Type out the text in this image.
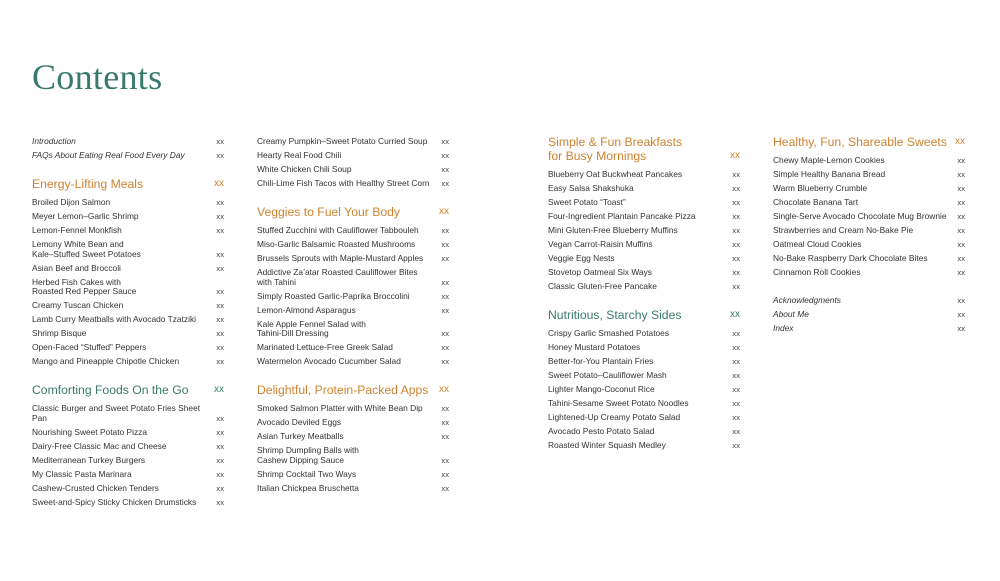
Contents
Introduction	xx
FAQs About Eating Real Food Every Day	xx
Energy-Lifting Meals	xx
Broiled Dijon Salmon	xx
Meyer Lemon–Garlic Shrimp	xx
Lemon-Fennel Monkfish	xx
Lemony White Bean and
Kale–Stuffed Sweet Potatoes	xx
Asian Beef and Broccoli	xx
Herbed Fish Cakes with
Roasted Red Pepper Sauce	xx
Creamy Tuscan Chicken	xx
Lamb Curry Meatballs with Avocado Tzatziki	xx
Shrimp Bisque	xx
Open-Faced “Stuffed” Peppers	xx
Mango and Pineapple Chipotle Chicken	xx
Comforting Foods On the Go	xx
Classic Burger and Sweet Potato Fries Sheet Pan	xx
Nourishing Sweet Potato Pizza	xx
Dairy-Free Classic Mac and Cheese	xx
Mediterranean Turkey Burgers	xx
My Classic Pasta Marinara	xx
Cashew-Crusted Chicken Tenders	xx
Sweet-and-Spicy Sticky Chicken Drumsticks	xx
Creamy Pumpkin–Sweet Potato Curried Soup	xx
Hearty Real Food Chili	xx
White Chicken Chili Soup	xx
Chili-Lime Fish Tacos with Healthy Street Corn	xx
Veggies to Fuel Your Body	xx
Stuffed Zucchini with Cauliflower Tabbouleh	xx
Miso-Garlic Balsamic Roasted Mushrooms	xx
Brussels Sprouts with Maple-Mustard Apples	xx
Addictive Za’atar Roasted Cauliflower Bites
with Tahini	xx
Simply Roasted Garlic-Paprika Broccolini	xx
Lemon-Almond Asparagus	xx
Kale Apple Fennel Salad with
Tahini-Dill Dressing	xx
Marinated Lettuce-Free Greek Salad	xx
Watermelon Avocado Cucumber Salad	xx
Delightful, Protein-Packed Apps xx
Smoked Salmon Platter with White Bean Dip	xx
Avocado Deviled Eggs	xx
Asian Turkey Meatballs	xx
Shrimp Dumpling Balls with
Cashew Dipping Sauce	xx
Shrimp Cocktail Two Ways	xx
Italian Chickpea Bruschetta	xx
Simple & Fun Breakfasts
for Busy Mornings	xx
Blueberry Oat Buckwheat Pancakes	xx
Easy Salsa Shakshuka	xx
Sweet Potato “Toast”	xx
Four-Ingredient Plantain Pancake Pizza	xx
Mini Gluten-Free Blueberry Muffins	xx
Vegan Carrot-Raisin Muffins	xx
Veggie Egg Nests	xx
Stovetop Oatmeal Six Ways	xx
Classic Gluten-Free Pancake	xx
Nutritious, Starchy Sides	xx
Crispy Garlic Smashed Potatoes	xx
Honey Mustard Potatoes	xx
Better-for-You Plantain Fries	xx
Sweet Potato–Cauliflower Mash	xx
Lighter Mango-Coconut Rice	xx
Tahini-Sesame Sweet Potato Noodles	xx
Lightened-Up Creamy Potato Salad	xx
Avocado Pesto Potato Salad	xx
Roasted Winter Squash Medley	xx
Healthy, Fun, Shareable Sweets xx
Chewy Maple-Lemon Cookies	xx
Simple Healthy Banana Bread	xx
Warm Blueberry Crumble	xx
Chocolate Banana Tart	xx
Single-Serve Avocado Chocolate Mug Brownie	xx
Strawberries and Cream No-Bake Pie	xx
Oatmeal Cloud Cookies	xx
No-Bake Raspberry Dark Chocolate Bites	xx
Cinnamon Roll Cookies	xx
Acknowledgments	xx
About Me	xx
Index	xx
